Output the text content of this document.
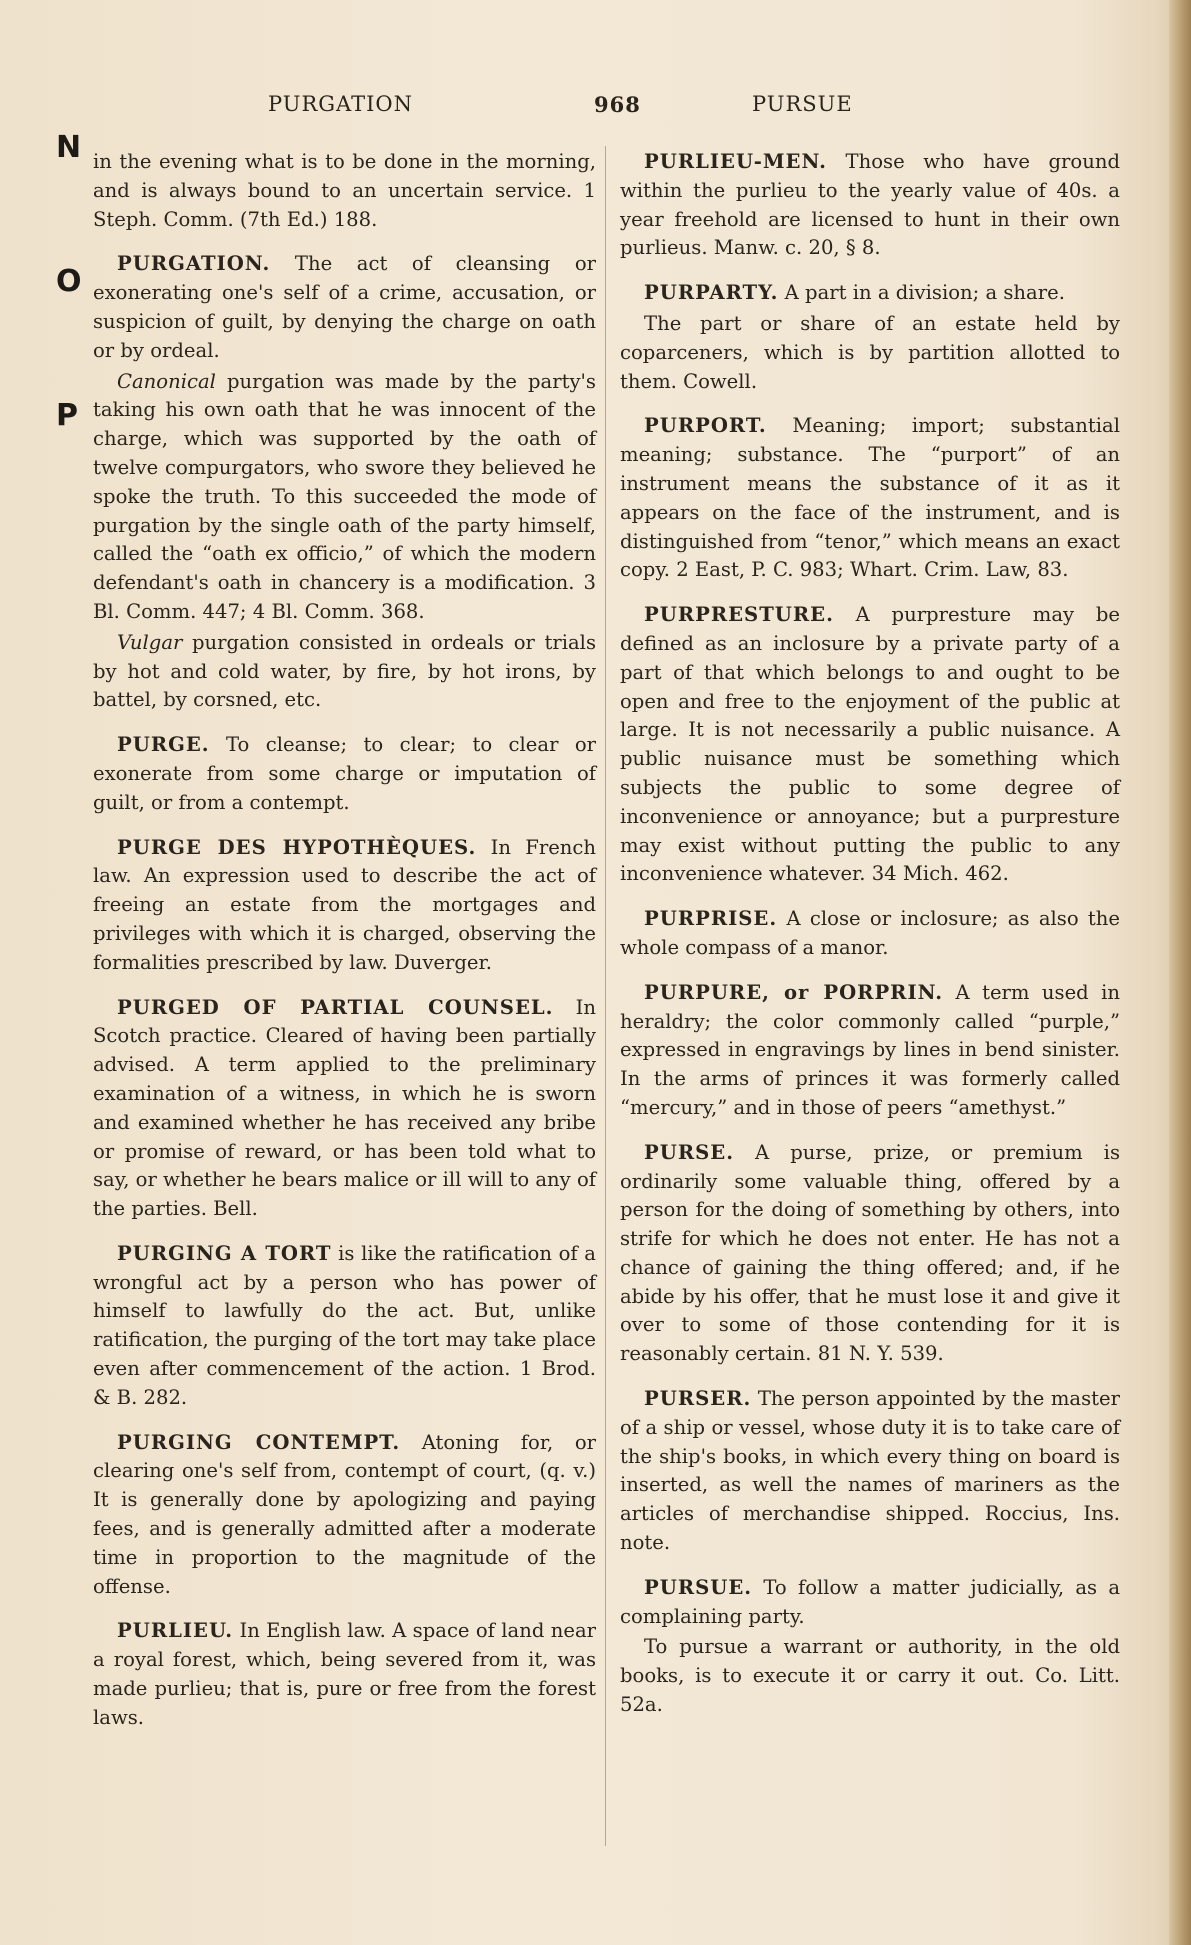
PURGATION	968	PURSUE
N
O
P

in the evening what is to be done in the morning, and is always bound to an uncertain service. 1 Steph. Comm. (7th Ed.) 188.

PURGATION. The act of cleansing or exonerating one's self of a crime, accusation, or suspicion of guilt, by denying the charge on oath or by ordeal.

Canonical purgation was made by the party's taking his own oath that he was innocent of the charge, which was supported by the oath of twelve compurgators, who swore they believed he spoke the truth. To this succeeded the mode of purgation by the single oath of the party himself, called the “oath ex officio,” of which the modern defendant's oath in chancery is a modification. 3 Bl. Comm. 447; 4 Bl. Comm. 368.

Vulgar purgation consisted in ordeals or trials by hot and cold water, by fire, by hot irons, by battel, by corsned, etc.

PURGE. To cleanse; to clear; to clear or exonerate from some charge or imputation of guilt, or from a contempt.

PURGE DES HYPOTHÈQUES. In French law. An expression used to describe the act of freeing an estate from the mortgages and privileges with which it is charged, observing the formalities prescribed by law. Duverger.

PURGED OF PARTIAL COUNSEL. In Scotch practice. Cleared of having been partially advised. A term applied to the preliminary examination of a witness, in which he is sworn and examined whether he has received any bribe or promise of reward, or has been told what to say, or whether he bears malice or ill will to any of the parties. Bell.

PURGING A TORT is like the ratification of a wrongful act by a person who has power of himself to lawfully do the act. But, unlike ratification, the purging of the tort may take place even after commencement of the action. 1 Brod. & B. 282.

PURGING CONTEMPT. Atoning for, or clearing one's self from, contempt of court, (q. v.) It is generally done by apologizing and paying fees, and is generally admitted after a moderate time in proportion to the magnitude of the offense.

PURLIEU. In English law. A space of land near a royal forest, which, being severed from it, was made purlieu; that is, pure or free from the forest laws.

PURLIEU-MEN. Those who have ground within the purlieu to the yearly value of 40s. a year freehold are licensed to hunt in their own purlieus. Manw. c. 20, § 8.

PURPARTY. A part in a division; a share.

The part or share of an estate held by coparceners, which is by partition allotted to them. Cowell.

PURPORT. Meaning; import; substantial meaning; substance. The “purport” of an instrument means the substance of it as it appears on the face of the instrument, and is distinguished from “tenor,” which means an exact copy. 2 East, P. C. 983; Whart. Crim. Law, 83.

PURPRESTURE. A purpresture may be defined as an inclosure by a private party of a part of that which belongs to and ought to be open and free to the enjoyment of the public at large. It is not necessarily a public nuisance. A public nuisance must be something which subjects the public to some degree of inconvenience or annoyance; but a purpresture may exist without putting the public to any inconvenience whatever. 34 Mich. 462.

PURPRISE. A close or inclosure; as also the whole compass of a manor.

PURPURE, or PORPRIN. A term used in heraldry; the color commonly called “purple,” expressed in engravings by lines in bend sinister. In the arms of princes it was formerly called “mercury,” and in those of peers “amethyst.”

PURSE. A purse, prize, or premium is ordinarily some valuable thing, offered by a person for the doing of something by others, into strife for which he does not enter. He has not a chance of gaining the thing offered; and, if he abide by his offer, that he must lose it and give it over to some of those contending for it is reasonably certain. 81 N. Y. 539.

PURSER. The person appointed by the master of a ship or vessel, whose duty it is to take care of the ship's books, in which every thing on board is inserted, as well the names of mariners as the articles of merchandise shipped. Roccius, Ins. note.

PURSUE. To follow a matter judicially, as a complaining party.

To pursue a warrant or authority, in the old books, is to execute it or carry it out. Co. Litt. 52a.
